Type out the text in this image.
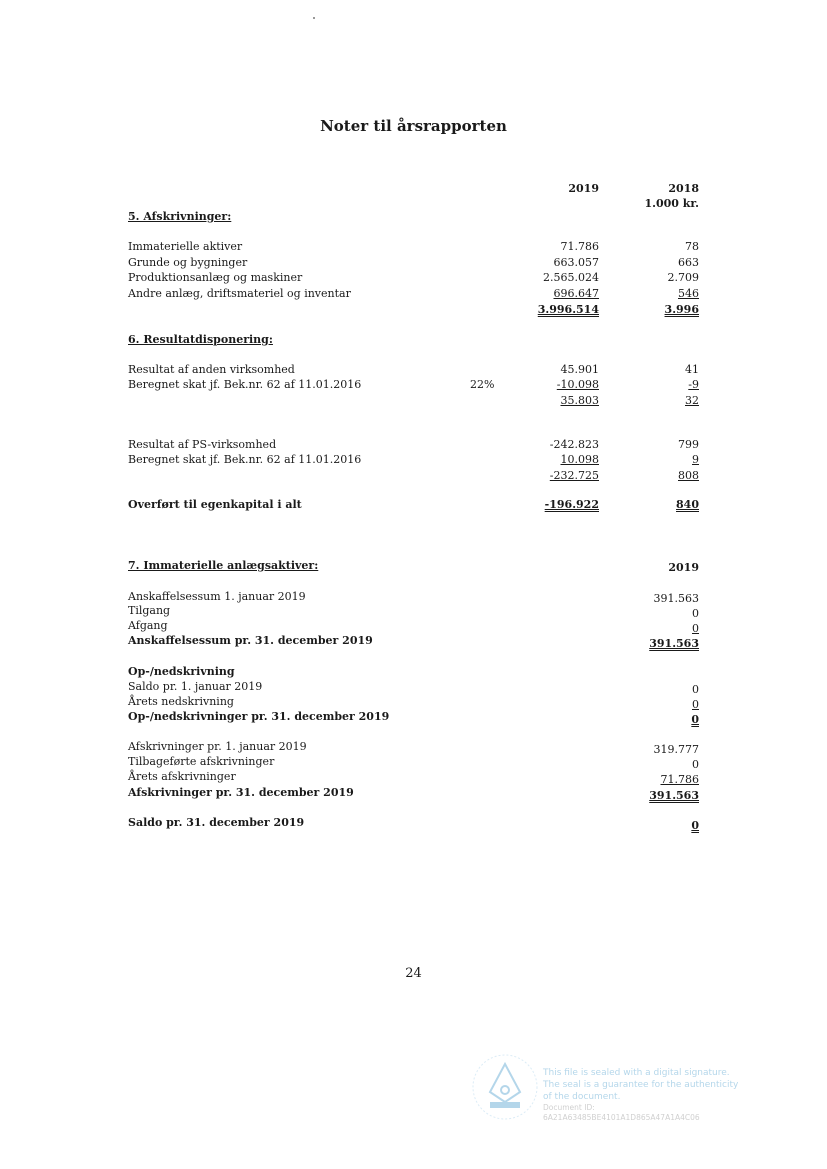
Noter til årsrapporten
2019	2018
1.000 kr.
5. Afskrivninger:
Immaterielle aktiver	71.786	78
Grunde og bygninger	663.057	663
Produktionsanlæg og maskiner	2.565.024	2.709
Andre anlæg, driftsmateriel og inventar	696.647	546
3.996.514	3.996
6. Resultatdisponering:
Resultat af anden virksomhed	45.901	41
Beregnet skat jf. Bek.nr. 62 af 11.01.2016	22%	-10.098	-9
35.803	32
Resultat af PS-virksomhed	-242.823	799
Beregnet skat jf. Bek.nr. 62 af 11.01.2016	10.098	9
-232.725	808
Overført til egenkapital i alt	-196.922	840
7. Immaterielle anlægsaktiver:	2019
Anskaffelsessum 1. januar 2019	391.563
Tilgang	0
Afgang	0
Anskaffelsessum pr. 31. december 2019	391.563
Op-/nedskrivning
Saldo pr. 1. januar 2019	0
Årets nedskrivning	0
Op-/nedskrivninger pr. 31. december 2019	0
Afskrivninger pr. 1. januar 2019	319.777
Tilbageførte afskrivninger	0
Årets afskrivninger	71.786
Afskrivninger pr. 31. december 2019	391.563
Saldo pr. 31. december 2019	0
24
This file is sealed with a digital signature.
The seal is a guarantee for the authenticity
of the document.
Document ID:
6A21A63485BE4101A1D865A47A1A4C06
